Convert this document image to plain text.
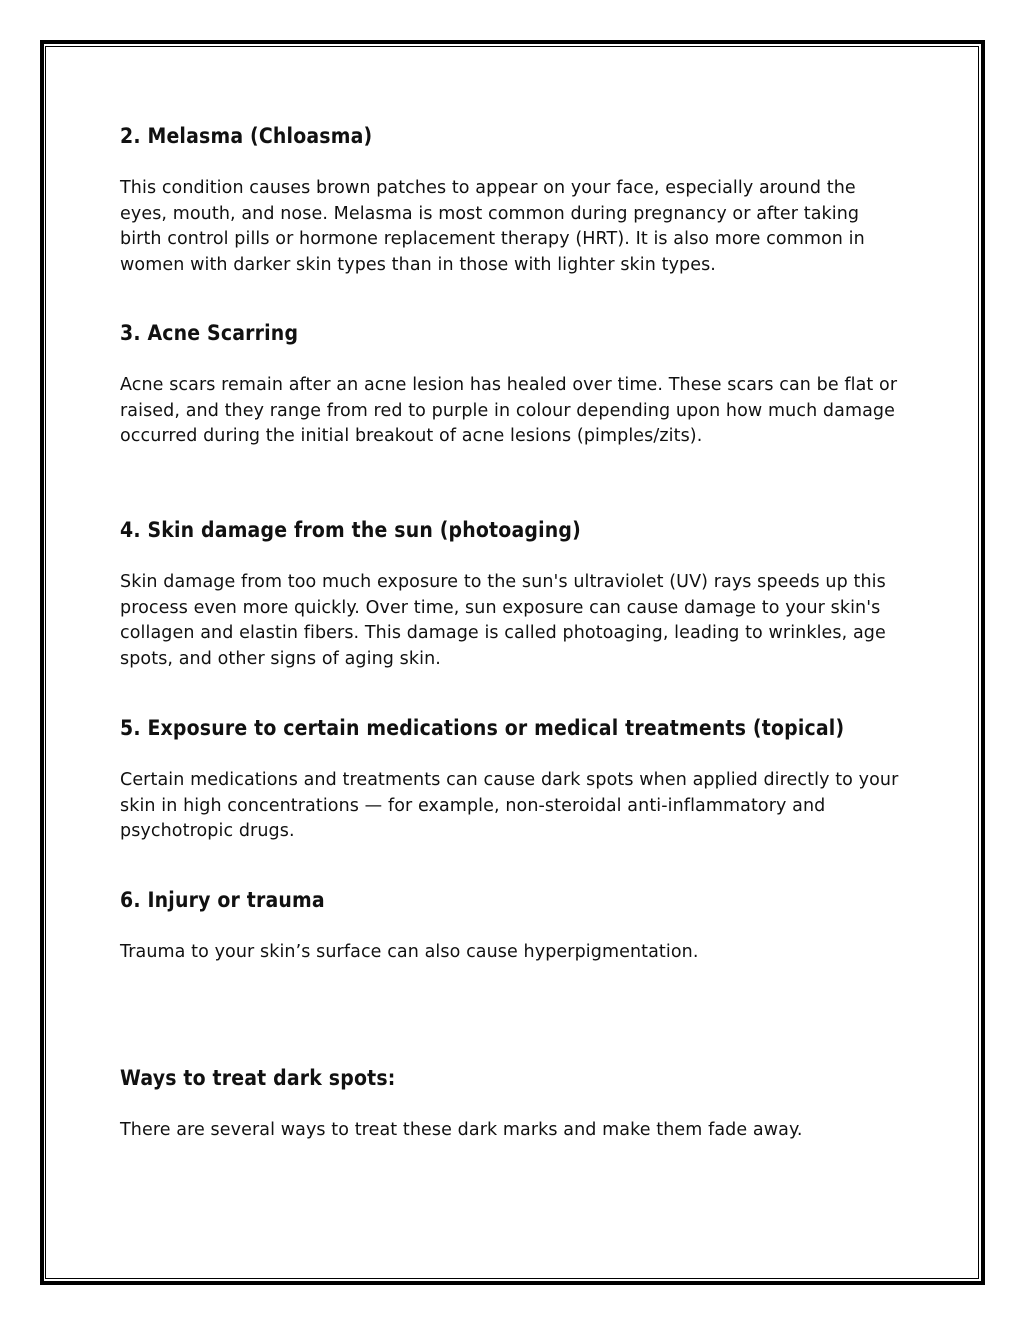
2. Melasma (Chloasma)

This condition causes brown patches to appear on your face, especially around the eyes, mouth, and nose. Melasma is most common during pregnancy or after taking birth control pills or hormone replacement therapy (HRT). It is also more common in women with darker skin types than in those with lighter skin types.

3. Acne Scarring

Acne scars remain after an acne lesion has healed over time. These scars can be flat or raised, and they range from red to purple in colour depending upon how much damage occurred during the initial breakout of acne lesions (pimples/zits).

4. Skin damage from the sun (photoaging)

Skin damage from too much exposure to the sun's ultraviolet (UV) rays speeds up this process even more quickly. Over time, sun exposure can cause damage to your skin's collagen and elastin fibers. This damage is called photoaging, leading to wrinkles, age spots, and other signs of aging skin.

5. Exposure to certain medications or medical treatments (topical)

Certain medications and treatments can cause dark spots when applied directly to your skin in high concentrations — for example, non-steroidal anti-inflammatory and psychotropic drugs.

6. Injury or trauma

Trauma to your skin’s surface can also cause hyperpigmentation.

Ways to treat dark spots:

There are several ways to treat these dark marks and make them fade away.
